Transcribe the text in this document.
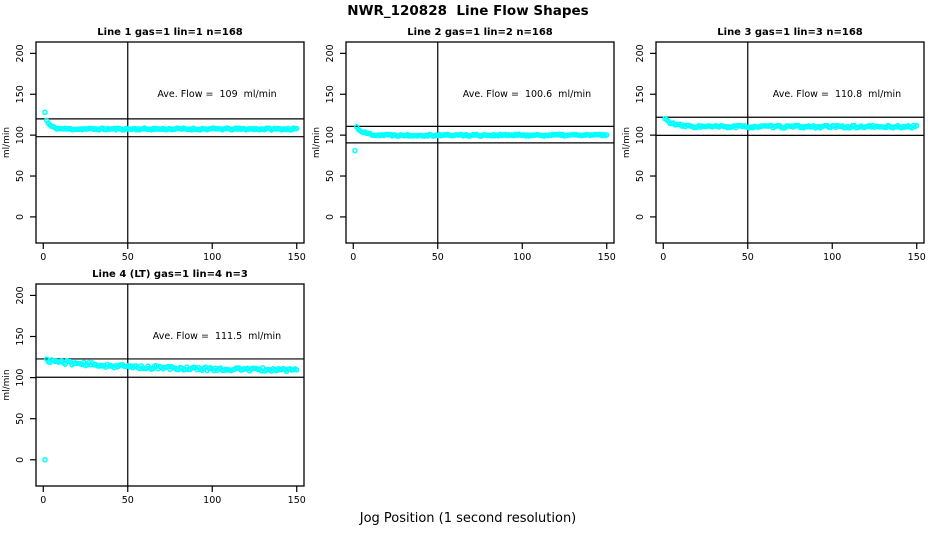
NWR_120828  Line Flow Shapes
0	50	100	150
0
50
100
150
200
ml/min
Line 1 gas=1 lin=1 n=168
Ave. Flow =  109  ml/min
0	50	100	150
0
50
100
150
200
ml/min
Line 2 gas=1 lin=2 n=168
Ave. Flow =  100.6  ml/min
0	50	100	150
0
50
100
150
200
ml/min
Line 3 gas=1 lin=3 n=168
Ave. Flow =  110.8  ml/min
0	50	100	150
0
50
100
150
200
ml/min
Line 4 (LT) gas=1 lin=4 n=3
Ave. Flow =  111.5  ml/min
Jog Position (1 second resolution)
